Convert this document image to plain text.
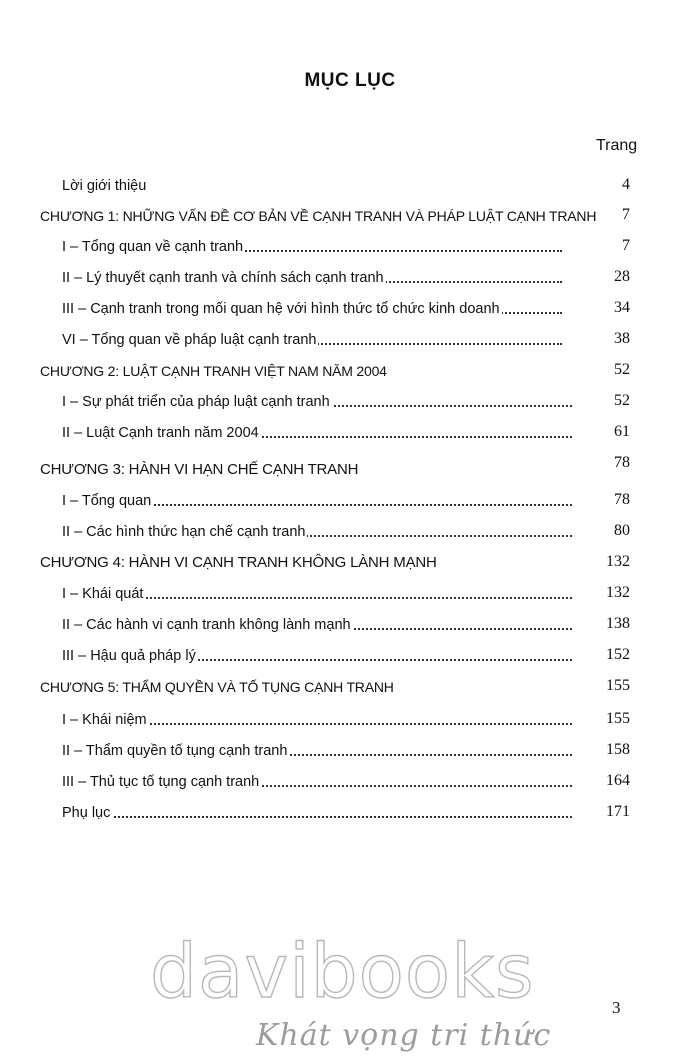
MỤC LỤC
Trang
Lời giới thiệu	4
CHƯƠNG 1: NHỮNG VẤN ĐỀ CƠ BẢN VỀ CẠNH TRANH VÀ PHÁP LUẬT CẠNH TRANH	7
I – Tổng quan về cạnh tranh	7
II – Lý thuyết cạnh tranh và chính sách cạnh tranh	28
III – Cạnh tranh trong mối quan hệ với hình thức tổ chức kinh doanh	34
VI – Tổng quan về pháp luật cạnh tranh	38
CHƯƠNG 2: LUẬT CẠNH TRANH VIỆT NAM NĂM 2004	52
I – Sự phát triển của pháp luật cạnh tranh	52
II – Luật Cạnh tranh năm 2004	61
CHƯƠNG 3: HÀNH VI HẠN CHẾ CẠNH TRANH	78
I – Tổng quan	78
II – Các hình thức hạn chế cạnh tranh	80
CHƯƠNG 4: HÀNH VI CẠNH TRANH KHÔNG LÀNH MẠNH	132
I – Khái quát	132
II – Các hành vi cạnh tranh không lành mạnh	138
III – Hậu quả pháp lý	152
CHƯƠNG 5: THẨM QUYỀN VÀ TỐ TỤNG CẠNH TRANH	155
I – Khái niệm	155
II – Thẩm quyền tố tụng cạnh tranh	158
III – Thủ tục tố tụng cạnh tranh	164
Phụ lục	171
davibooks
Khát vọng tri thức
3
